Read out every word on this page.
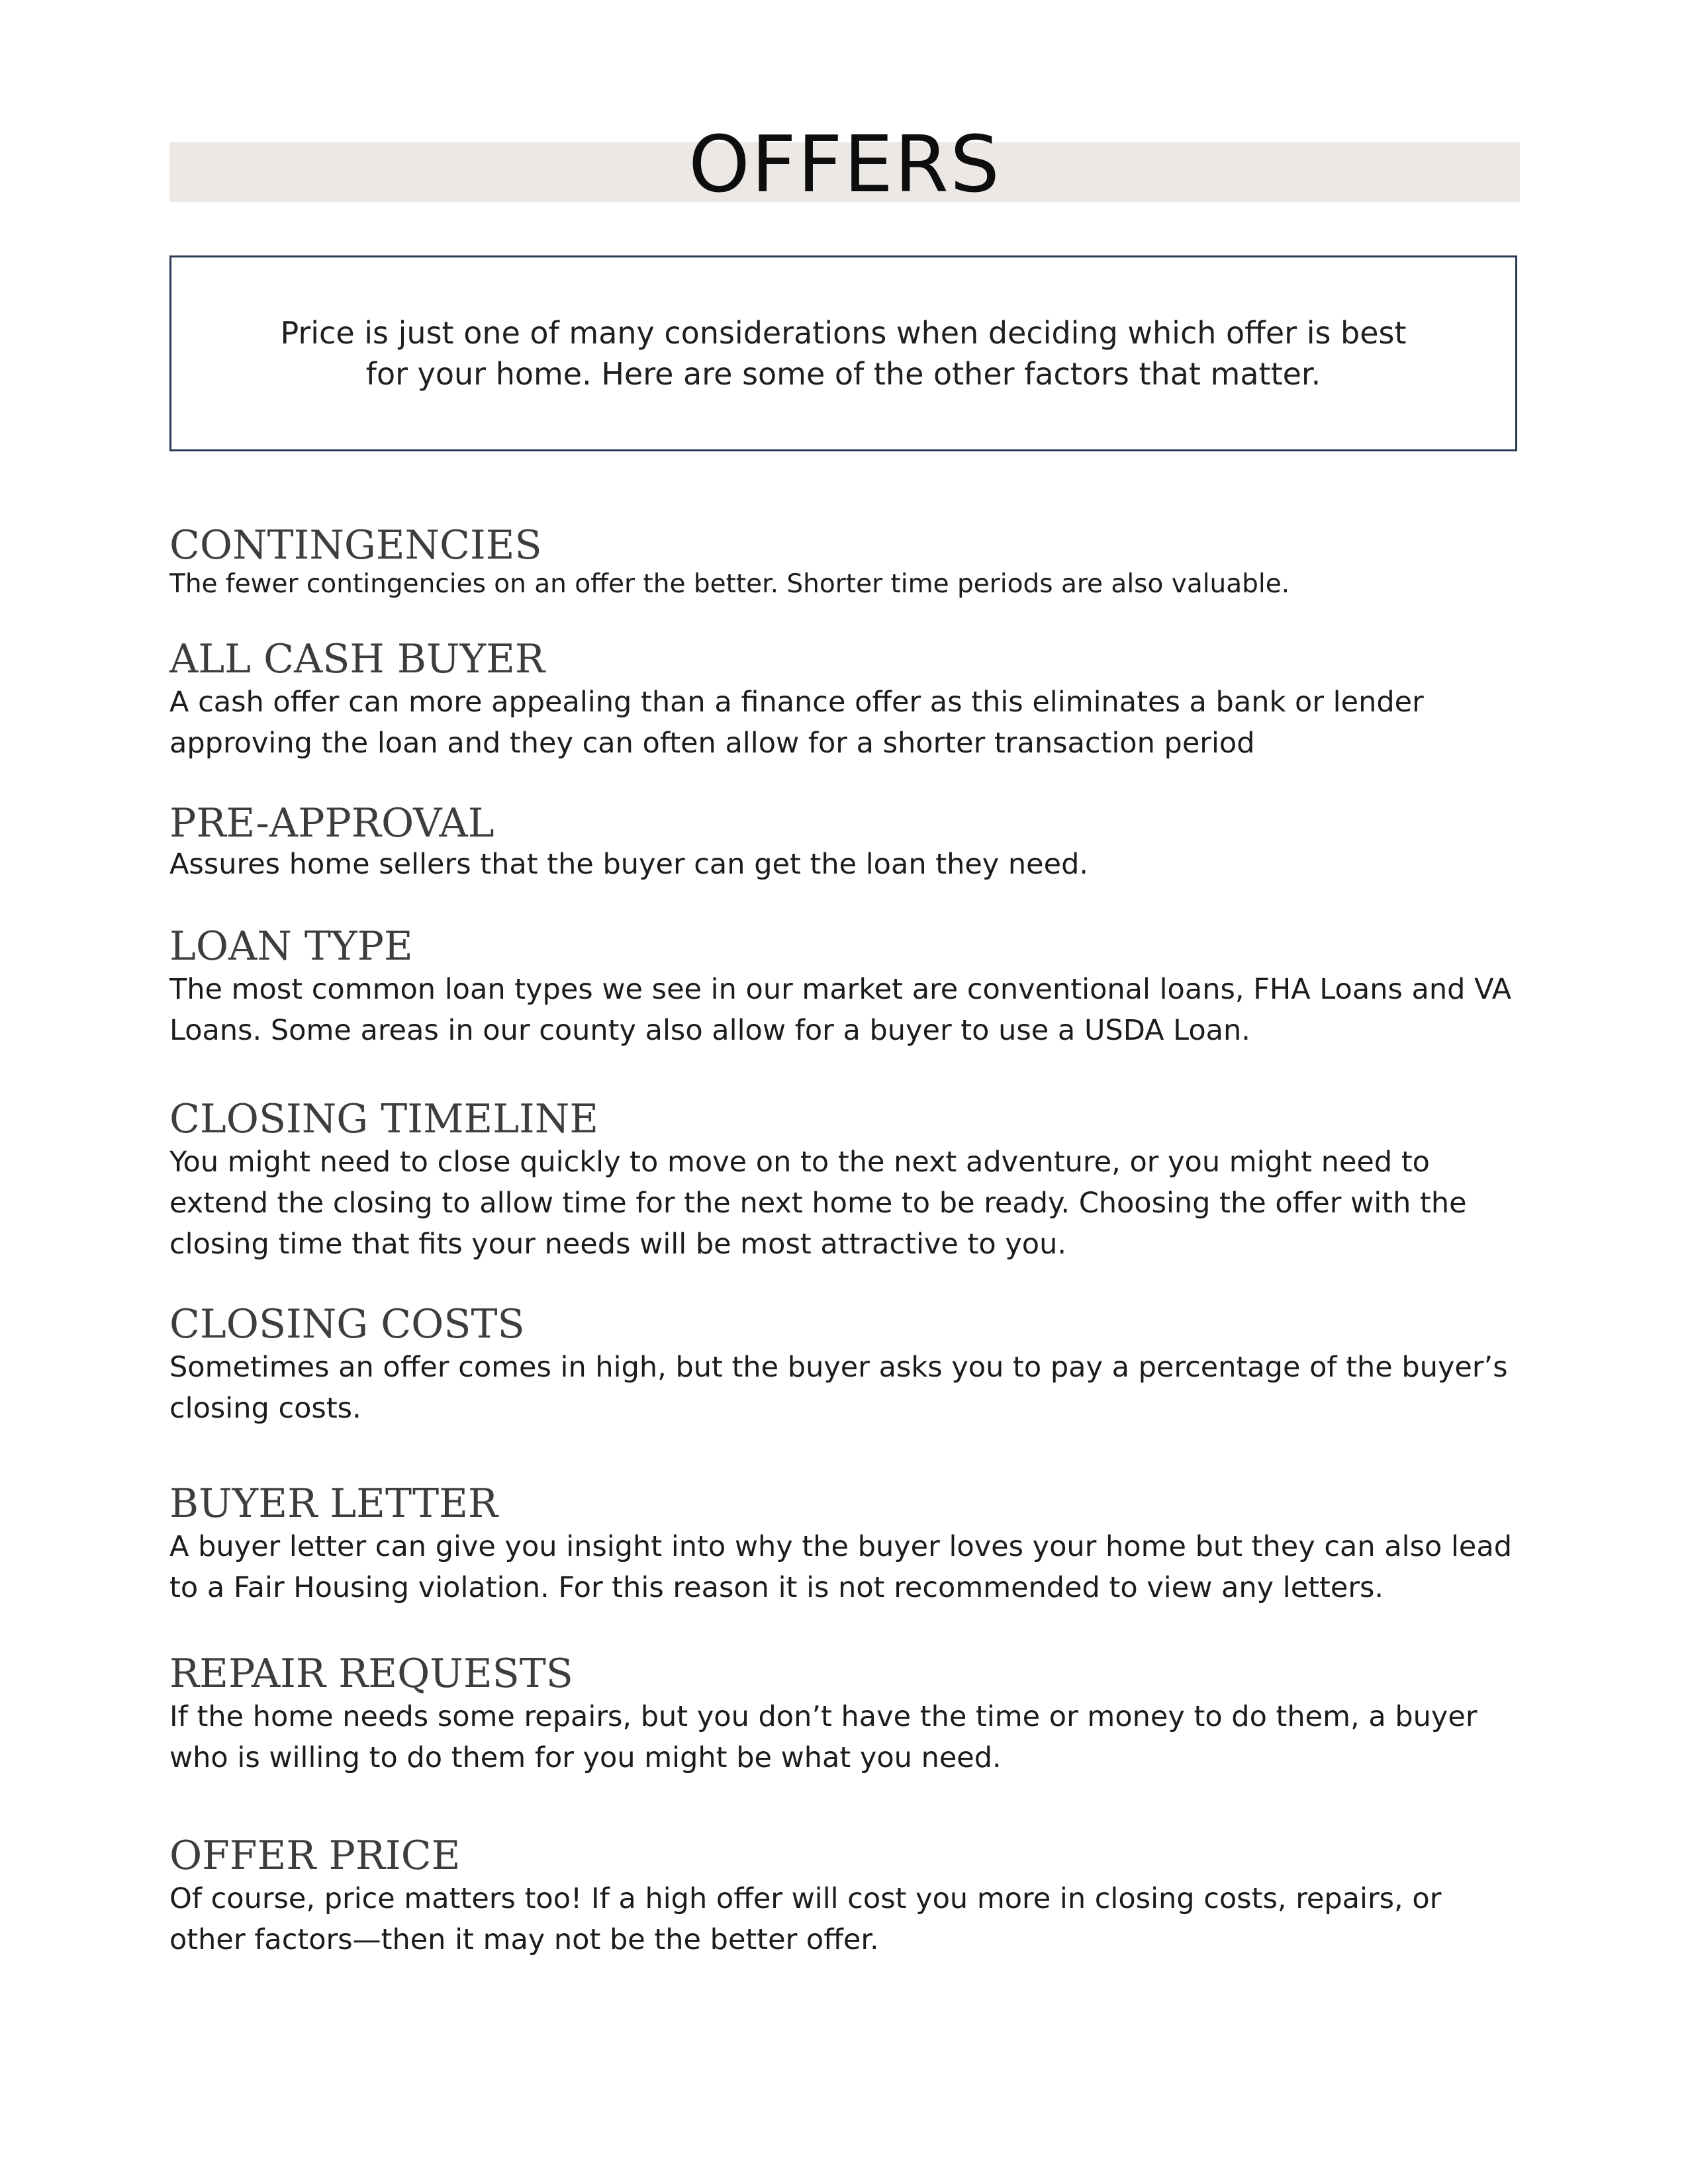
OFFERS

Price is just one of many considerations when deciding which offer is best for your home. Here are some of the other factors that matter.

CONTINGENCIES

The fewer contingencies on an offer the better. Shorter time periods are also valuable.

ALL CASH BUYER

A cash offer can more appealing than a finance offer as this eliminates a bank or lender approving the loan and they can often allow for a shorter transaction period

PRE-APPROVAL

Assures home sellers that the buyer can get the loan they need.

LOAN TYPE

The most common loan types we see in our market are conventional loans, FHA Loans and VA Loans. Some areas in our county also allow for a buyer to use a USDA Loan.

CLOSING TIMELINE

You might need to close quickly to move on to the next adventure, or you might need to extend the closing to allow time for the next home to be ready. Choosing the offer with the closing time that fits your needs will be most attractive to you.

CLOSING COSTS

Sometimes an offer comes in high, but the buyer asks you to pay a percentage of the buyer’s closing costs.

BUYER LETTER

A buyer letter can give you insight into why the buyer loves your home but they can also lead to a Fair Housing violation. For this reason it is not recommended to view any letters.

REPAIR REQUESTS

If the home needs some repairs, but you don’t have the time or money to do them, a buyer who is willing to do them for you might be what you need.

OFFER PRICE

Of course, price matters too! If a high offer will cost you more in closing costs, repairs, or other factors—then it may not be the better offer.
